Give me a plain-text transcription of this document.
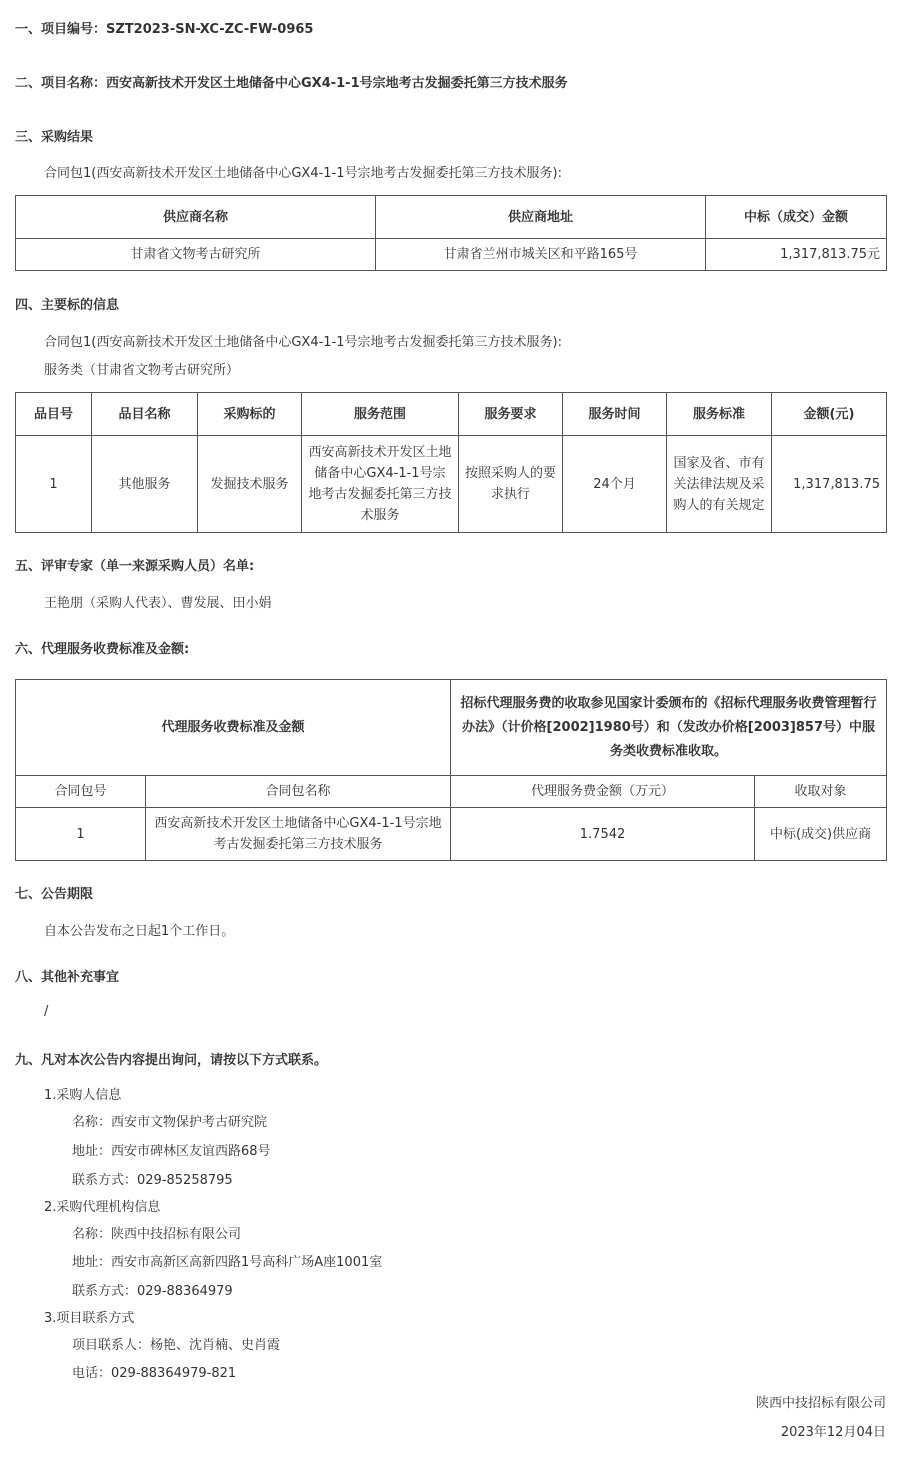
一、项目编号：SZT2023-SN-XC-ZC-FW-0965
二、项目名称：西安高新技术开发区土地储备中心GX4-1-1号宗地考古发掘委托第三方技术服务
三、采购结果
合同包1(西安高新技术开发区土地储备中心GX4-1-1号宗地考古发掘委托第三方技术服务):
供应商名称	供应商地址	中标（成交）金额
甘肃省文物考古研究所	甘肃省兰州市城关区和平路165号	1,317,813.75元
四、主要标的信息
合同包1(西安高新技术开发区土地储备中心GX4-1-1号宗地考古发掘委托第三方技术服务):
服务类（甘肃省文物考古研究所）
品目号	品目名称	采购标的	服务范围	服务要求	服务时间	服务标准	金额(元)
1	其他服务	发掘技术服务	西安高新技术开发区土地储备中心GX4-1-1号宗地考古发掘委托第三方技术服务	按照采购人的要求执行	24个月	国家及省、市有关法律法规及采购人的有关规定	1,317,813.75
五、评审专家（单一来源采购人员）名单:
王艳朋（采购人代表）、曹发展、田小娟
六、代理服务收费标准及金额:
代理服务收费标准及金额		招标代理服务费的收取参见国家计委颁布的《招标代理服务收费管理暂行办法》（计价格[2002]1980号）和（发改办价格[2003]857号）中服务类收费标准收取。	
合同包号	合同包名称	代理服务费金额（万元）	收取对象
1	西安高新技术开发区土地储备中心GX4-1-1号宗地考古发掘委托第三方技术服务	1.7542	中标(成交)供应商
七、公告期限
自本公告发布之日起1个工作日。
八、其他补充事宜
/
九、凡对本次公告内容提出询问，请按以下方式联系。
1.采购人信息
名称：西安市文物保护考古研究院
地址：西安市碑林区友谊西路68号
联系方式：029-85258795
2.采购代理机构信息
名称：陕西中技招标有限公司
地址：西安市高新区高新四路1号高科广场A座1001室
联系方式：029-88364979
3.项目联系方式
项目联系人：杨艳、沈肖楠、史肖霞
电话：029-88364979-821
陕西中技招标有限公司
2023年12月04日
